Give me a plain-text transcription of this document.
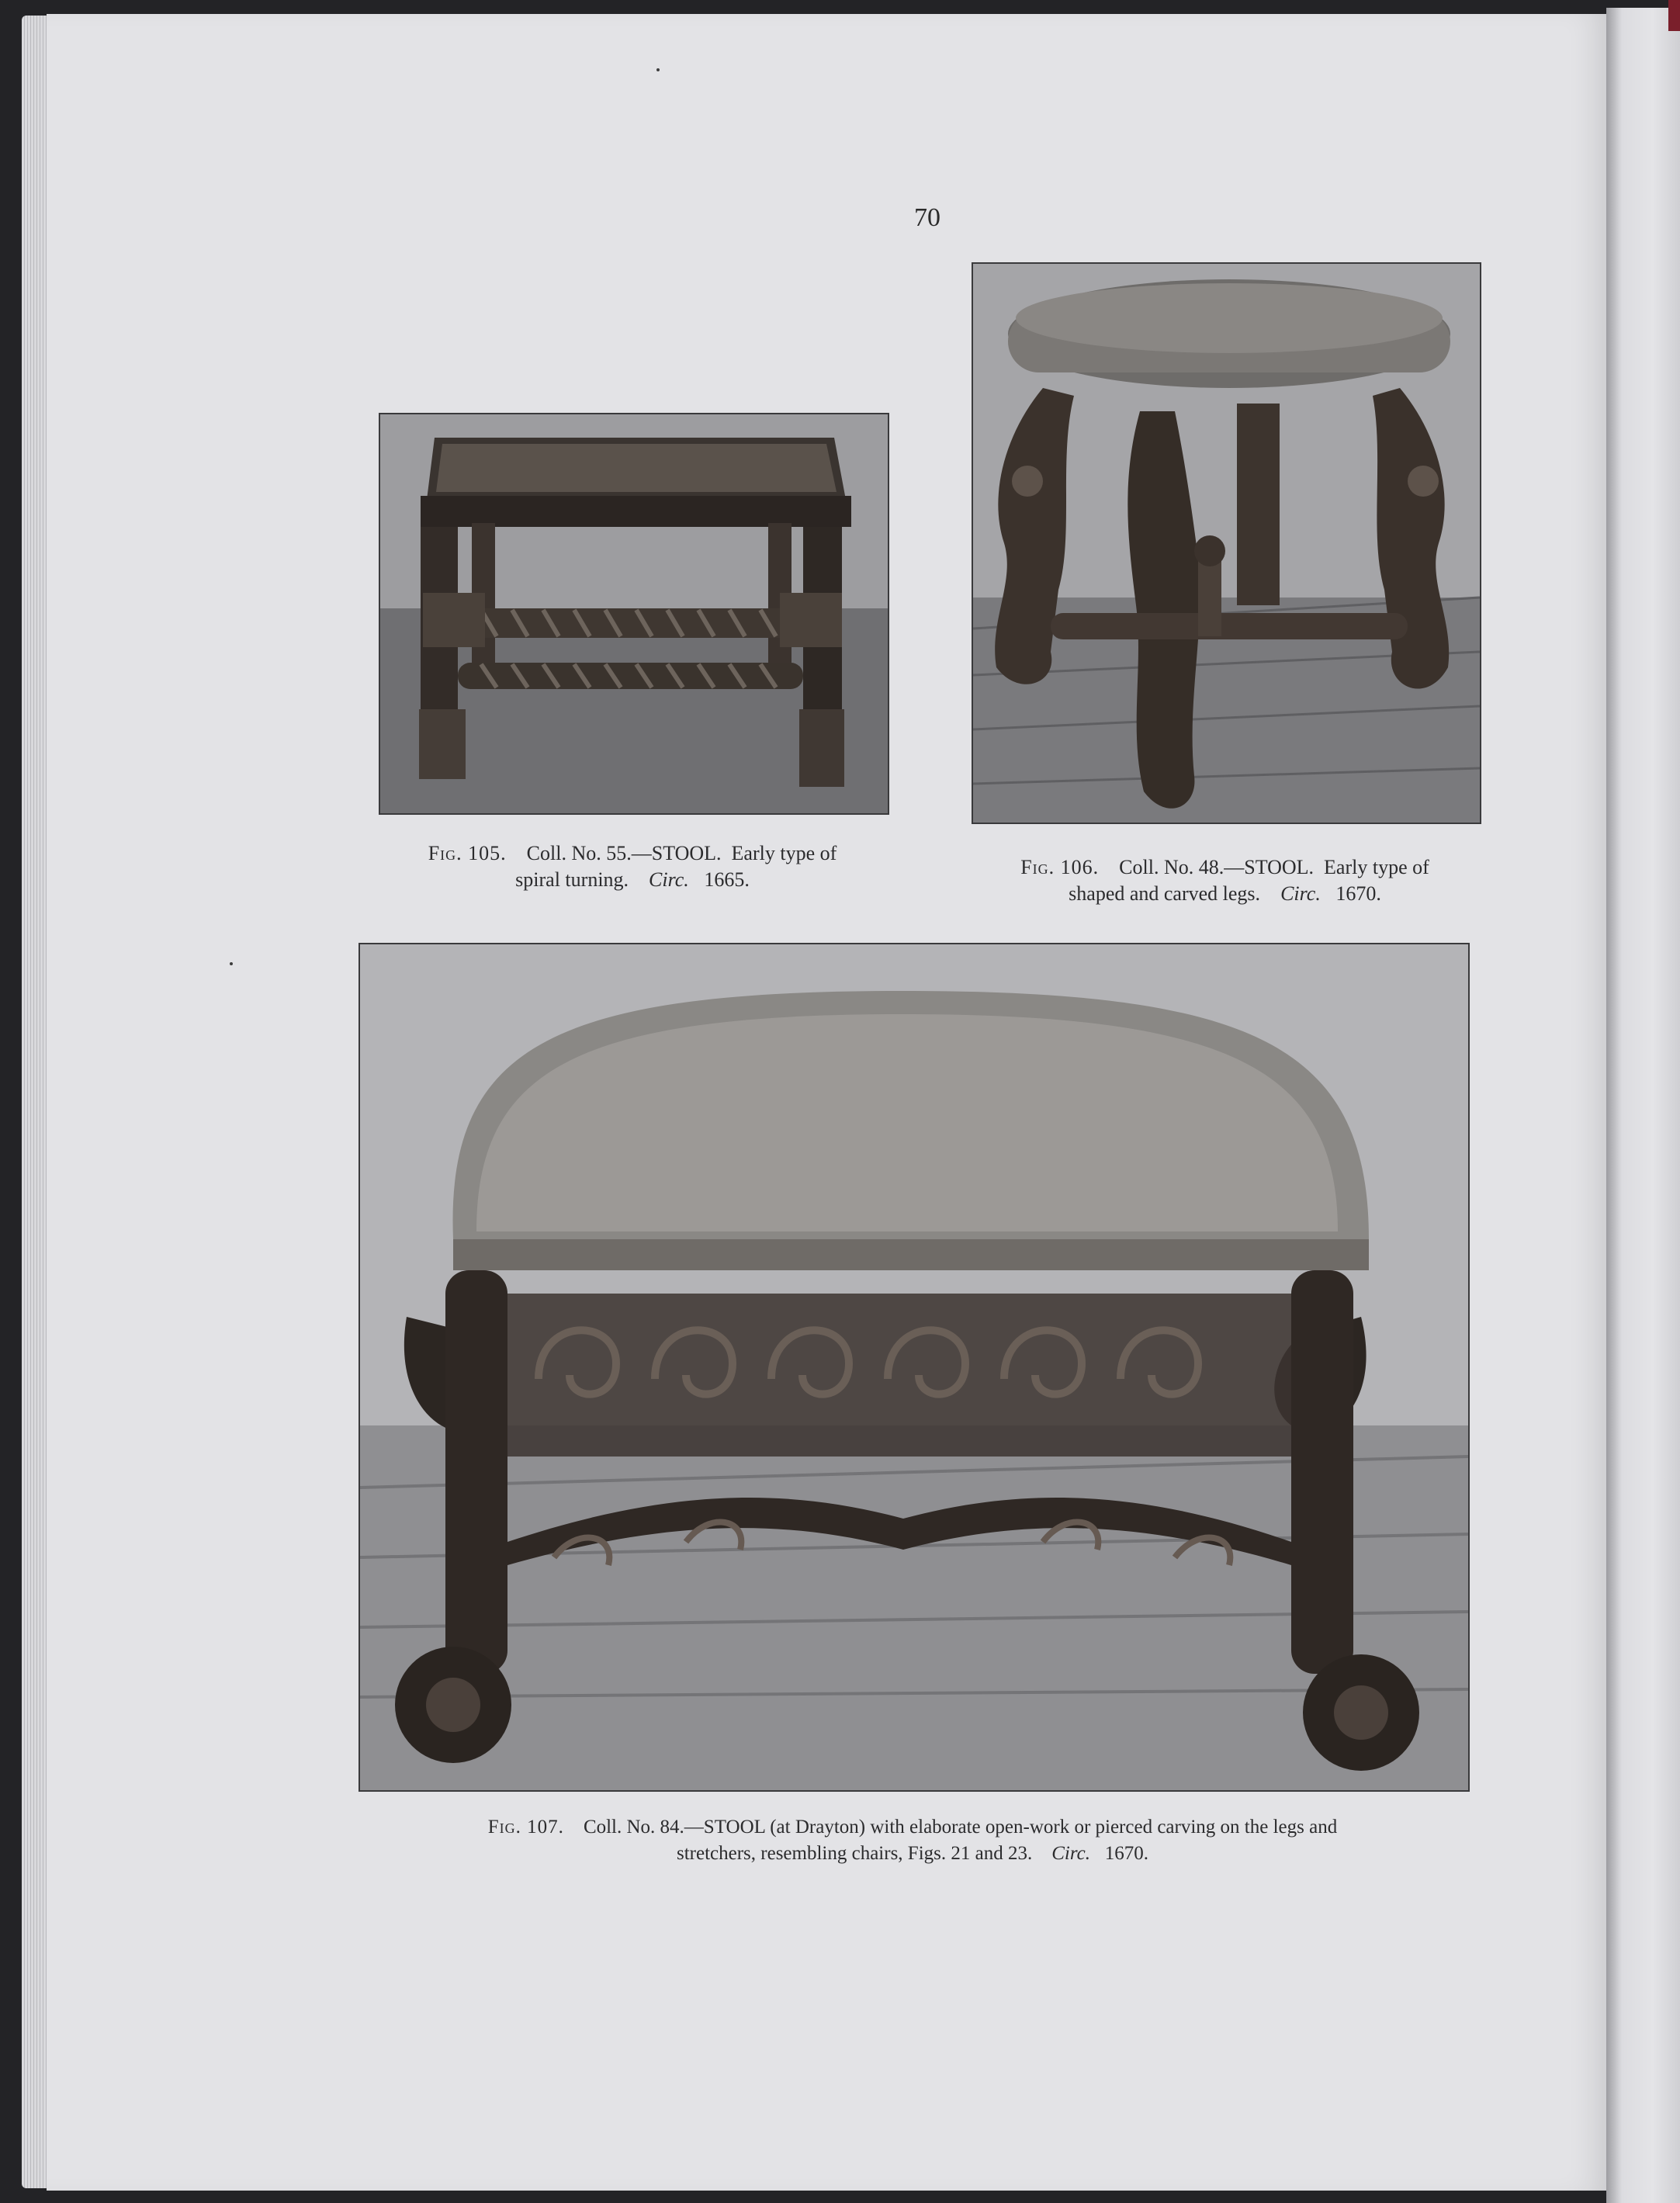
70
Fig. 105. Coll. No. 55.—STOOL.  Early type of
spiral turning. Circ. 1665.
Fig. 106. Coll. No. 48.—STOOL.  Early type of
shaped and carved legs. Circ. 1670.
Fig. 107. Coll. No. 84.—STOOL (at Drayton) with elaborate open-work or pierced carving on the legs and
stretchers, resembling chairs, Figs. 21 and 23. Circ. 1670.
